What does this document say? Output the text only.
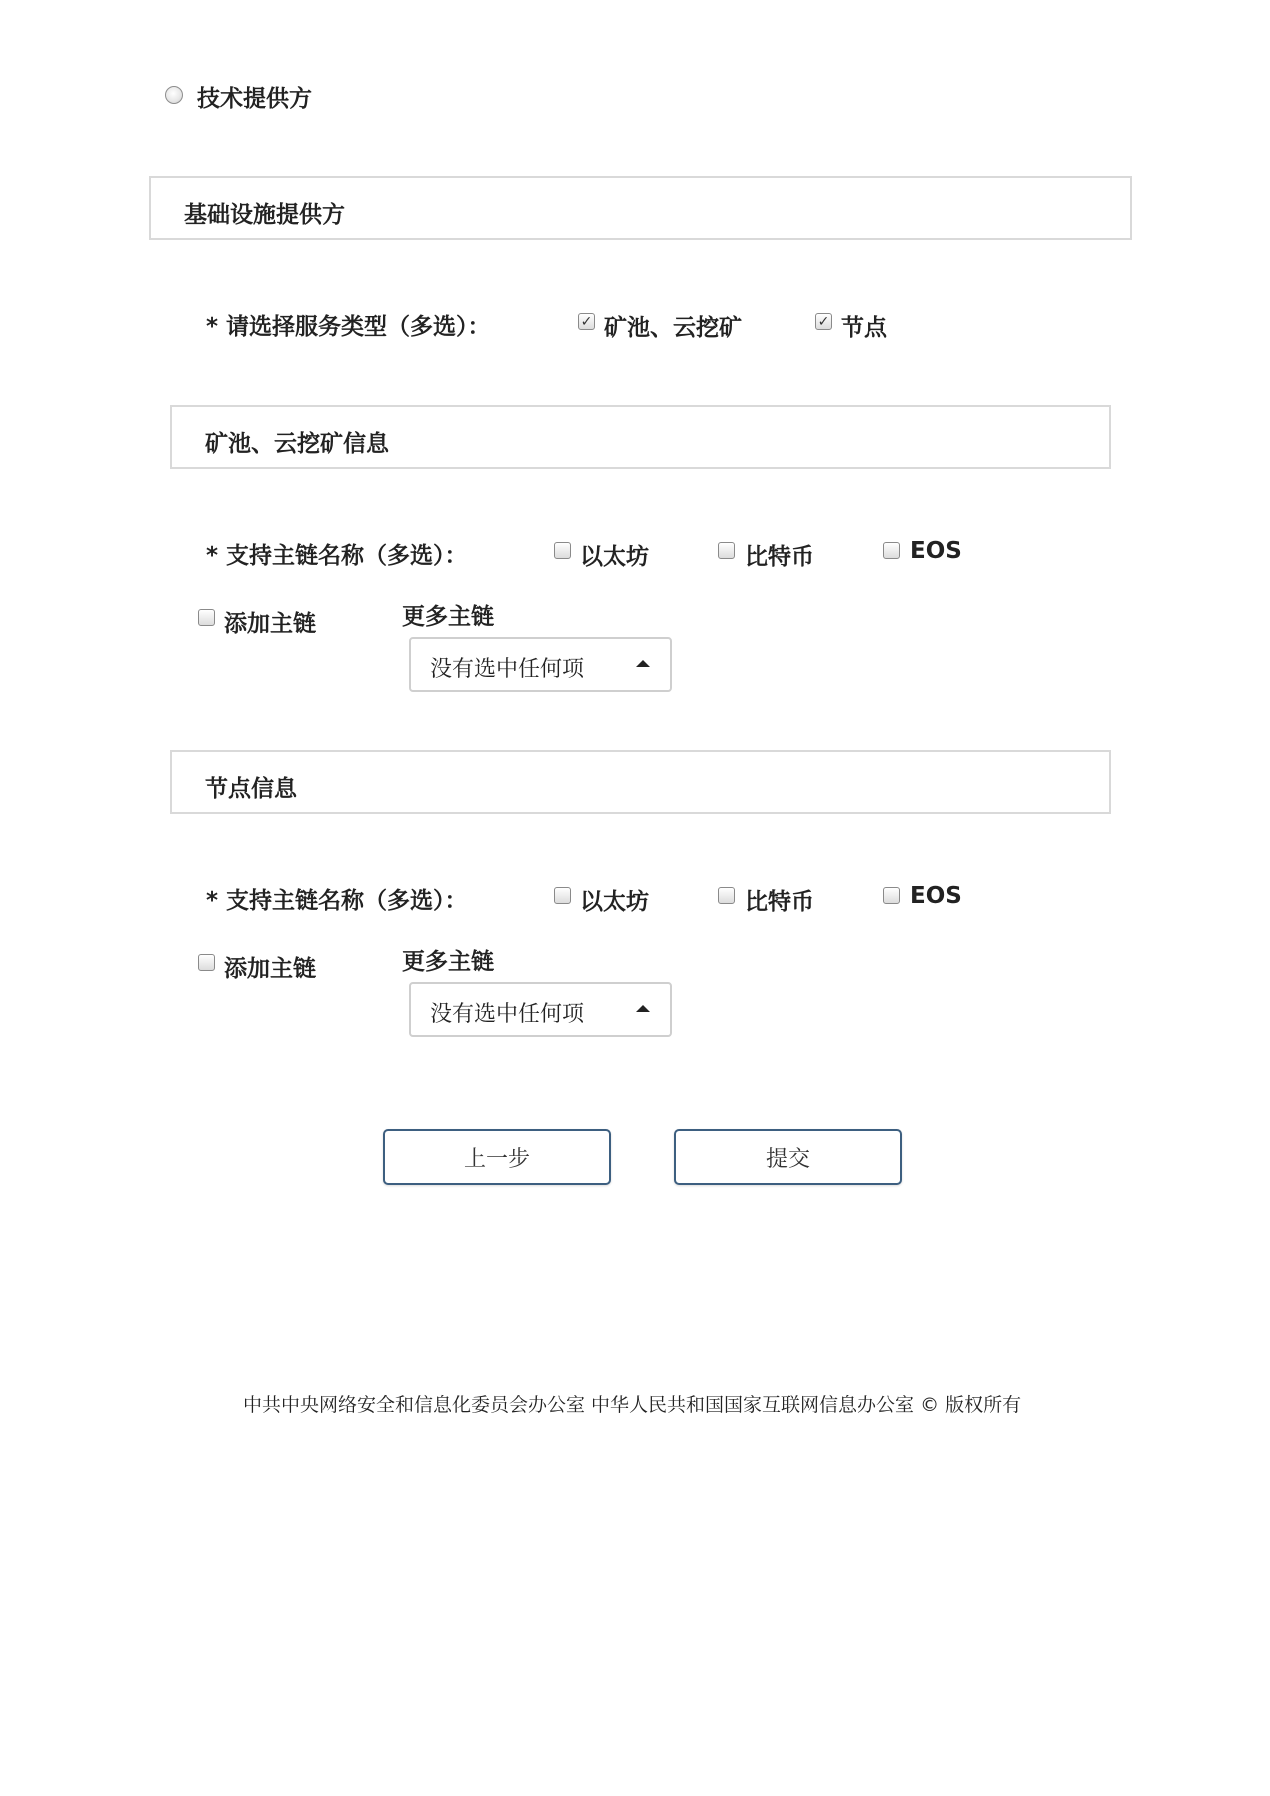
技术提供方
基础设施提供方
* 请选择服务类型（多选）：	✓ 矿池、云挖矿	✓ 节点
矿池、云挖矿信息
* 支持主链名称（多选）：	以太坊	比特币	EOS
添加主链	更多主链
没有选中任何项
节点信息
* 支持主链名称（多选）：	以太坊	比特币	EOS
添加主链	更多主链
没有选中任何项
上一步	提交
中共中央网络安全和信息化委员会办公室 中华人民共和国国家互联网信息办公室 © 版权所有
